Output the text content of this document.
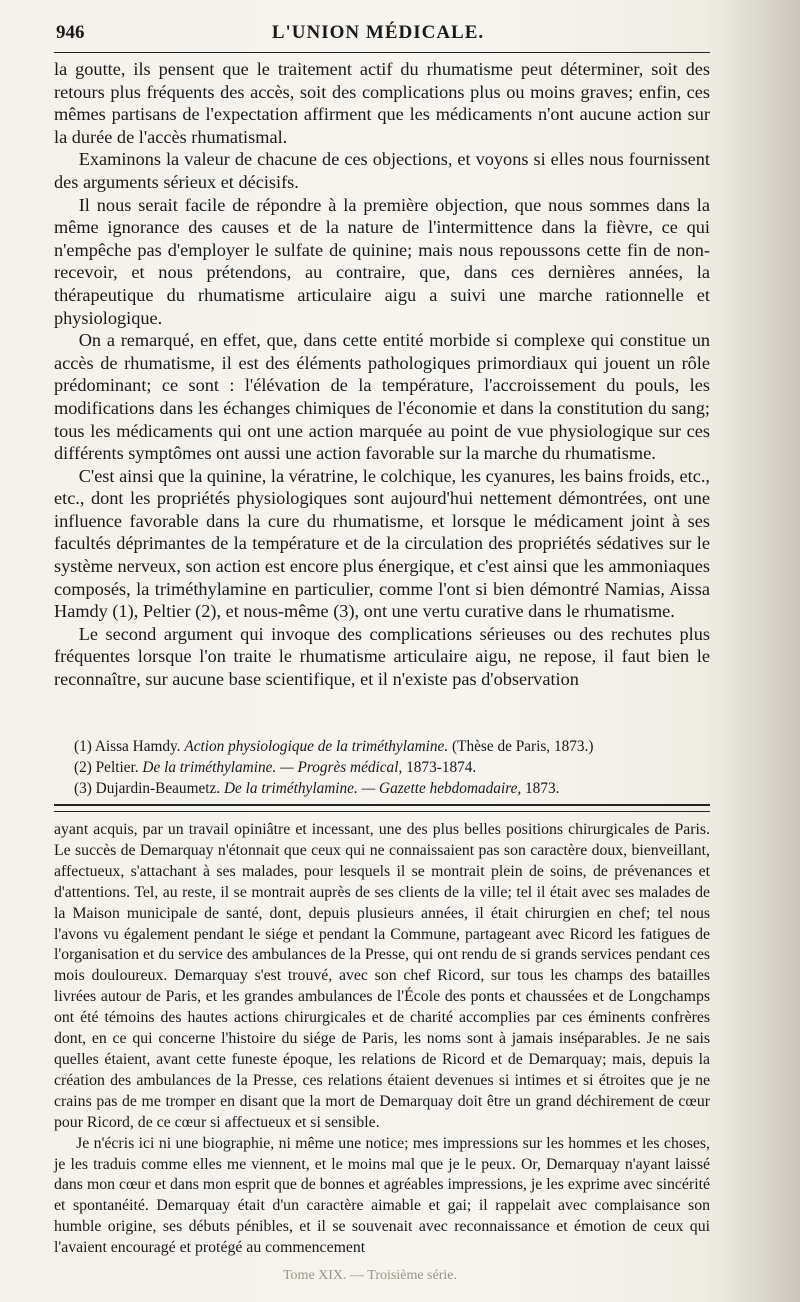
946	L'UNION MÉDICALE.

la goutte, ils pensent que le traitement actif du rhumatisme peut déterminer, soit des retours plus fréquents des accès, soit des complications plus ou moins graves; enfin, ces mêmes partisans de l'expectation affirment que les médicaments n'ont aucune action sur la durée de l'accès rhumatismal.

Examinons la valeur de chacune de ces objections, et voyons si elles nous fournissent des arguments sérieux et décisifs.

Il nous serait facile de répondre à la première objection, que nous sommes dans la même ignorance des causes et de la nature de l'intermittence dans la fièvre, ce qui n'empêche pas d'employer le sulfate de quinine; mais nous repoussons cette fin de non-recevoir, et nous prétendons, au contraire, que, dans ces dernières années, la thérapeutique du rhumatisme articulaire aigu a suivi une marche rationnelle et physiologique.

On a remarqué, en effet, que, dans cette entité morbide si complexe qui constitue un accès de rhumatisme, il est des éléments pathologiques primordiaux qui jouent un rôle prédominant; ce sont : l'élévation de la température, l'accroissement du pouls, les modifications dans les échanges chimiques de l'économie et dans la constitution du sang; tous les médicaments qui ont une action marquée au point de vue physiologique sur ces différents symptômes ont aussi une action favorable sur la marche du rhumatisme.

C'est ainsi que la quinine, la vératrine, le colchique, les cyanures, les bains froids, etc., etc., dont les propriétés physiologiques sont aujourd'hui nettement démontrées, ont une influence favorable dans la cure du rhumatisme, et lorsque le médicament joint à ses facultés déprimantes de la température et de la circulation des propriétés sédatives sur le système nerveux, son action est encore plus énergique, et c'est ainsi que les ammoniaques composés, la triméthylamine en particulier, comme l'ont si bien démontré Namias, Aissa Hamdy (1), Peltier (2), et nous-même (3), ont une vertu curative dans le rhumatisme.

Le second argument qui invoque des complications sérieuses ou des rechutes plus fréquentes lorsque l'on traite le rhumatisme articulaire aigu, ne repose, il faut bien le reconnaître, sur aucune base scientifique, et il n'existe pas d'observation

(1) Aissa Hamdy. Action physiologique de la triméthylamine. (Thèse de Paris, 1873.)
(2) Peltier. De la triméthylamine. — Progrès médical, 1873-1874.
(3) Dujardin-Beaumetz. De la triméthylamine. — Gazette hebdomadaire, 1873.

ayant acquis, par un travail opiniâtre et incessant, une des plus belles positions chirurgicales de Paris. Le succès de Demarquay n'étonnait que ceux qui ne connaissaient pas son caractère doux, bienveillant, affectueux, s'attachant à ses malades, pour lesquels il se montrait plein de soins, de prévenances et d'attentions. Tel, au reste, il se montrait auprès de ses clients de la ville; tel il était avec ses malades de la Maison municipale de santé, dont, depuis plusieurs années, il était chirurgien en chef; tel nous l'avons vu également pendant le siége et pendant la Commune, partageant avec Ricord les fatigues de l'organisation et du service des ambulances de la Presse, qui ont rendu de si grands services pendant ces mois douloureux. Demarquay s'est trouvé, avec son chef Ricord, sur tous les champs des batailles livrées autour de Paris, et les grandes ambulances de l'École des ponts et chaussées et de Longchamps ont été témoins des hautes actions chirurgicales et de charité accomplies par ces éminents confrères dont, en ce qui concerne l'histoire du siége de Paris, les noms sont à jamais inséparables. Je ne sais quelles étaient, avant cette funeste époque, les relations de Ricord et de Demarquay; mais, depuis la création des ambulances de la Presse, ces relations étaient devenues si intimes et si étroites que je ne crains pas de me tromper en disant que la mort de Demarquay doit être un grand déchirement de cœur pour Ricord, de ce cœur si affectueux et si sensible.

Je n'écris ici ni une biographie, ni même une notice; mes impressions sur les hommes et les choses, je les traduis comme elles me viennent, et le moins mal que je le peux. Or, Demarquay n'ayant laissé dans mon cœur et dans mon esprit que de bonnes et agréables impressions, je les exprime avec sincérité et spontanéité. Demarquay était d'un caractère aimable et gai; il rappelait avec complaisance son humble origine, ses débuts pénibles, et il se souvenait avec reconnaissance et émotion de ceux qui l'avaient encouragé et protégé au commencement

Tome XIX. — Troisième série.
